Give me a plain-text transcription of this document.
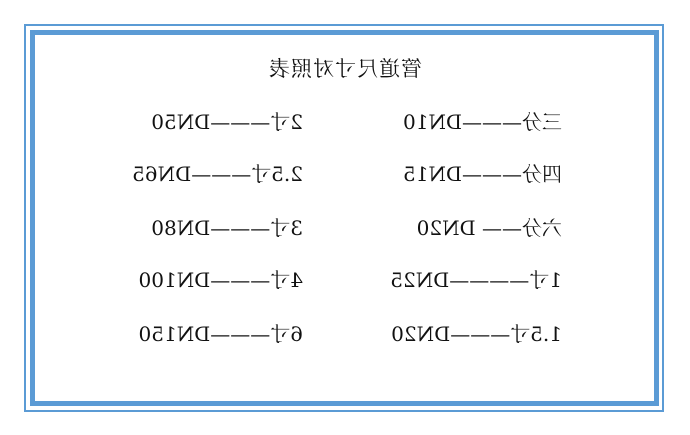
管道尺寸对照表
三分———DN10
2寸———DN50
四分———DN15
2.5寸———DN65
六分—— DN20
3寸———DN80
1寸————DN25
4寸———DN100
1.5寸———DN20
6寸———DN150
